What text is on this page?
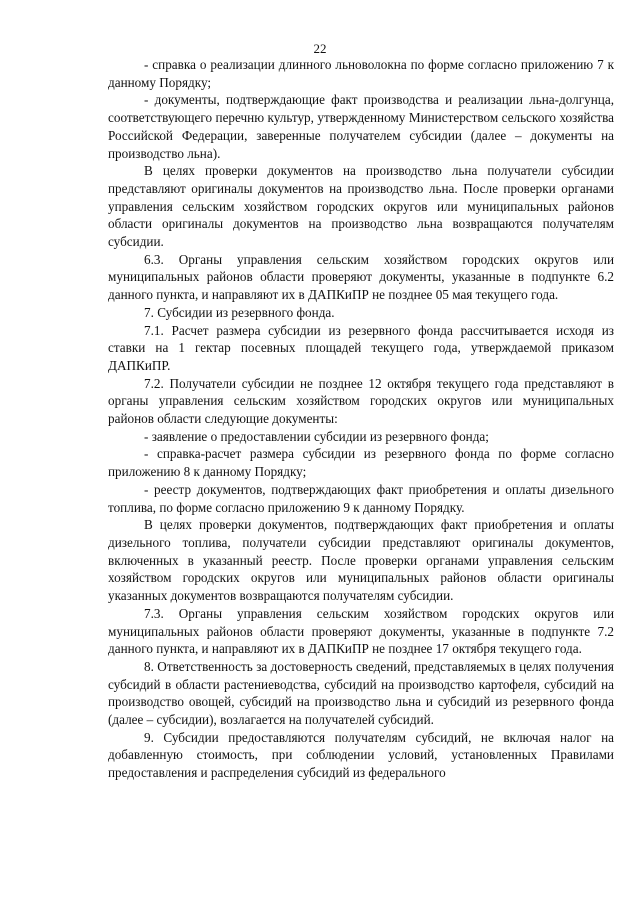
22

- справка о реализации длинного льноволокна по форме согласно приложению 7 к данному Порядку;

- документы, подтверждающие факт производства и реализации льна-долгунца, соответствующего перечню культур, утвержденному Министерством сельского хозяйства Российской Федерации, заверенные получателем субсидии (далее – документы на производство льна).

В целях проверки документов на производство льна получатели субсидии представляют оригиналы документов на производство льна. После проверки органами управления сельским хозяйством городских округов или муниципальных районов области оригиналы документов на производство льна возвращаются получателям субсидии.

6.3. Органы управления сельским хозяйством городских округов или муниципальных районов области проверяют документы, указанные в подпункте 6.2 данного пункта, и направляют их в ДАПКиПР не позднее 05 мая текущего года.

7. Субсидии из резервного фонда.

7.1. Расчет размера субсидии из резервного фонда рассчитывается исходя из ставки на 1 гектар посевных площадей текущего года, утверждаемой приказом ДАПКиПР.

7.2. Получатели субсидии не позднее 12 октября текущего года представляют в органы управления сельским хозяйством городских округов или муниципальных районов области следующие документы:

- заявление о предоставлении субсидии из резервного фонда;

- справка-расчет размера субсидии из резервного фонда по форме согласно приложению 8 к данному Порядку;

- реестр документов, подтверждающих факт приобретения и оплаты дизельного топлива, по форме согласно приложению 9 к данному Порядку.

В целях проверки документов, подтверждающих факт приобретения и оплаты дизельного топлива, получатели субсидии представляют оригиналы документов, включенных в указанный реестр. После проверки органами управления сельским хозяйством городских округов или муниципальных районов области оригиналы указанных документов возвращаются получателям субсидии.

7.3. Органы управления сельским хозяйством городских округов или муниципальных районов области проверяют документы, указанные в подпункте 7.2 данного пункта, и направляют их в ДАПКиПР не позднее 17 октября текущего года.

8. Ответственность за достоверность сведений, представляемых в целях получения субсидий в области растениеводства, субсидий на производство картофеля, субсидий на производство овощей, субсидий на производство льна и субсидий из резервного фонда (далее – субсидии), возлагается на получателей субсидий.

9. Субсидии предоставляются получателям субсидий, не включая налог на добавленную стоимость, при соблюдении условий, установленных Правилами предоставления и распределения субсидий из федерального
